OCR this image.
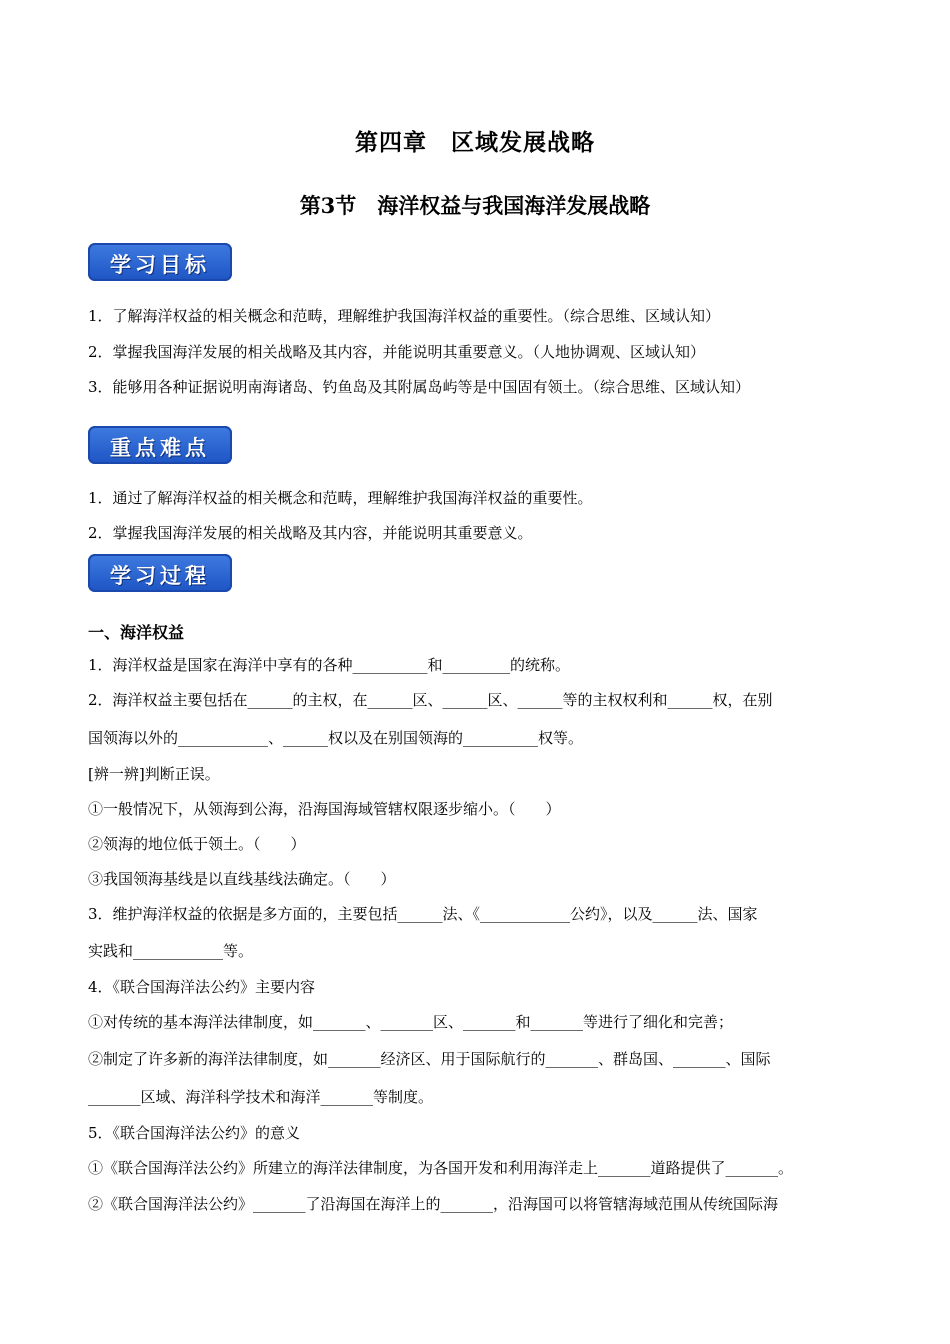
第四章　区域发展战略
第3节　海洋权益与我国海洋发展战略
学习目标
1．了解海洋权益的相关概念和范畴，理解维护我国海洋权益的重要性。（综合思维、区域认知）
2．掌握我国海洋发展的相关战略及其内容，并能说明其重要意义。（人地协调观、区域认知）
3．能够用各种证据说明南海诸岛、钓鱼岛及其附属岛屿等是中国固有领土。（综合思维、区域认知）
重点难点
1．通过了解海洋权益的相关概念和范畴，理解维护我国海洋权益的重要性。
2．掌握我国海洋发展的相关战略及其内容，并能说明其重要意义。
学习过程
一、海洋权益
1．海洋权益是国家在海洋中享有的各种__________和_________的统称。
2．海洋权益主要包括在______的主权，在______区、______区、______等的主权权利和______权，在别
国领海以外的____________、______权以及在别国领海的__________权等。
[辨一辨]判断正误。
①一般情况下，从领海到公海，沿海国海域管辖权限逐步缩小。（　　）
②领海的地位低于领土。（　　）
③我国领海基线是以直线基线法确定。（　　）
3．维护海洋权益的依据是多方面的，主要包括______法、《____________公约》，以及______法、国家
实践和____________等。
4．《联合国海洋法公约》主要内容
①对传统的基本海洋法律制度，如_______、_______区、_______和_______等进行了细化和完善；
②制定了许多新的海洋法律制度，如_______经济区、用于国际航行的_______、群岛国、_______、国际
_______区域、海洋科学技术和海洋_______等制度。
5．《联合国海洋法公约》的意义
①《联合国海洋法公约》所建立的海洋法律制度，为各国开发和利用海洋走上_______道路提供了_______。
②《联合国海洋法公约》_______了沿海国在海洋上的_______，沿海国可以将管辖海域范围从传统国际海
